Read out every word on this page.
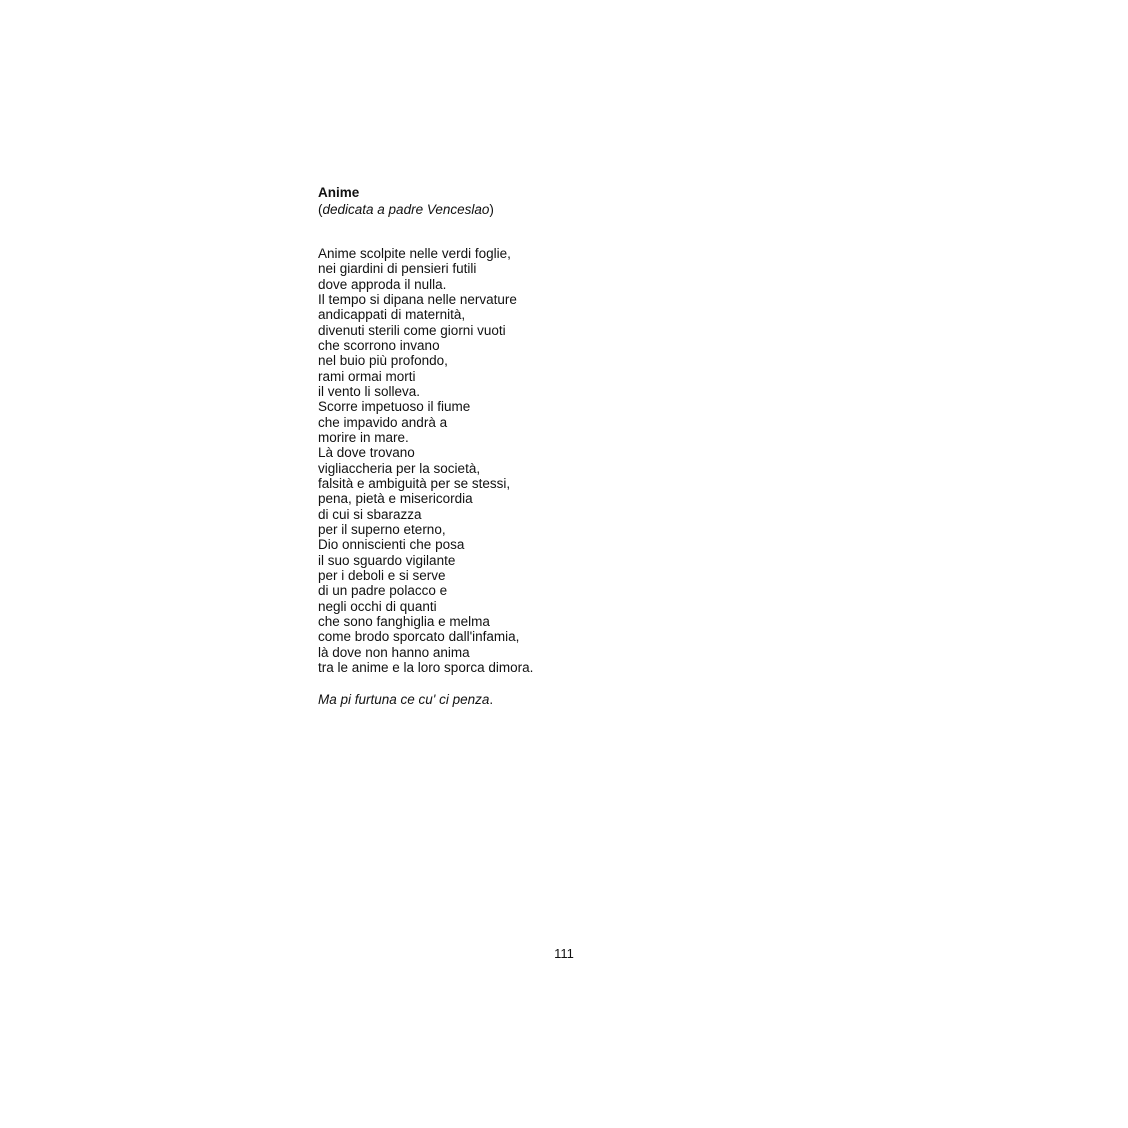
Anime

(dedicata a padre Venceslao)

Anime scolpite nelle verdi foglie,
nei giardini di pensieri futili
dove approda il nulla.
Il tempo si dipana nelle nervature
andicappati di maternità,
divenuti sterili come giorni vuoti
che scorrono invano
nel buio più profondo,
rami ormai morti
il vento li solleva.
Scorre impetuoso il fiume
che impavido andrà a
morire in mare.
Là dove trovano
vigliaccheria per la società,
falsità e ambiguità per se stessi,
pena, pietà e misericordia
di cui si sbarazza
per il superno eterno,
Dio onniscienti che posa
il suo sguardo vigilante
per i deboli e si serve
di un padre polacco e
negli occhi di quanti
che sono fanghiglia e melma
come brodo sporcato dall'infamia,
là dove non hanno anima
tra le anime e la loro sporca dimora.
Ma pi furtuna ce cu' ci penza.
111
